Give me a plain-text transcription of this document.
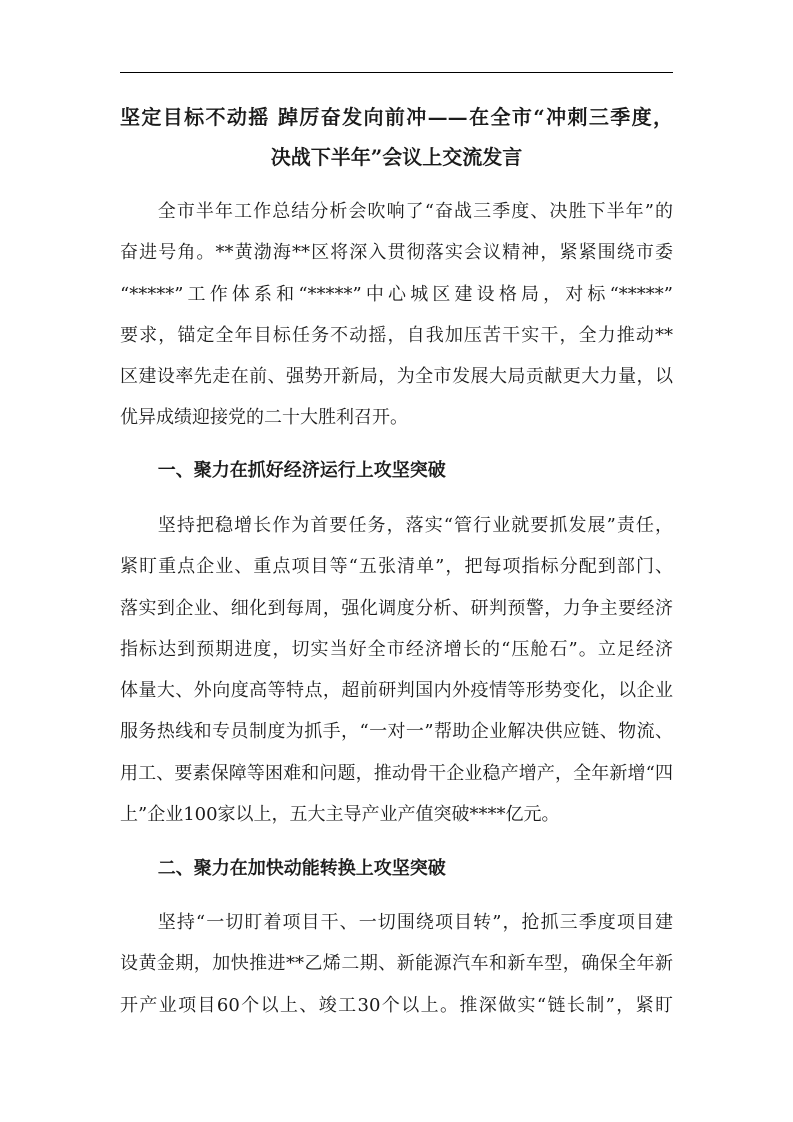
坚定目标不动摇 踔厉奋发向前冲——在全市“冲刺三季度，
决战下半年”会议上交流发言
全市半年工作总结分析会吹响了“奋战三季度、决胜下半年”的
奋进号角。**黄渤海**区将深入贯彻落实会议精神，紧紧围绕市委
“*****”工作体系和“*****”中心城区建设格局，对标“*****”
要求，锚定全年目标任务不动摇，自我加压苦干实干，全力推动**
区建设率先走在前、强势开新局，为全市发展大局贡献更大力量，以
优异成绩迎接党的二十大胜利召开。
一、聚力在抓好经济运行上攻坚突破
坚持把稳增长作为首要任务，落实“管行业就要抓发展”责任，
紧盯重点企业、重点项目等“五张清单”，把每项指标分配到部门、
落实到企业、细化到每周，强化调度分析、研判预警，力争主要经济
指标达到预期进度，切实当好全市经济增长的“压舱石”。立足经济
体量大、外向度高等特点，超前研判国内外疫情等形势变化，以企业
服务热线和专员制度为抓手，“一对一”帮助企业解决供应链、物流、
用工、要素保障等困难和问题，推动骨干企业稳产增产，全年新增“四
上”企业100家以上，五大主导产业产值突破****亿元。
二、聚力在加快动能转换上攻坚突破
坚持“一切盯着项目干、一切围绕项目转”，抢抓三季度项目建
设黄金期，加快推进**乙烯二期、新能源汽车和新车型，确保全年新
开产业项目60个以上、竣工30个以上。推深做实“链长制”，紧盯
